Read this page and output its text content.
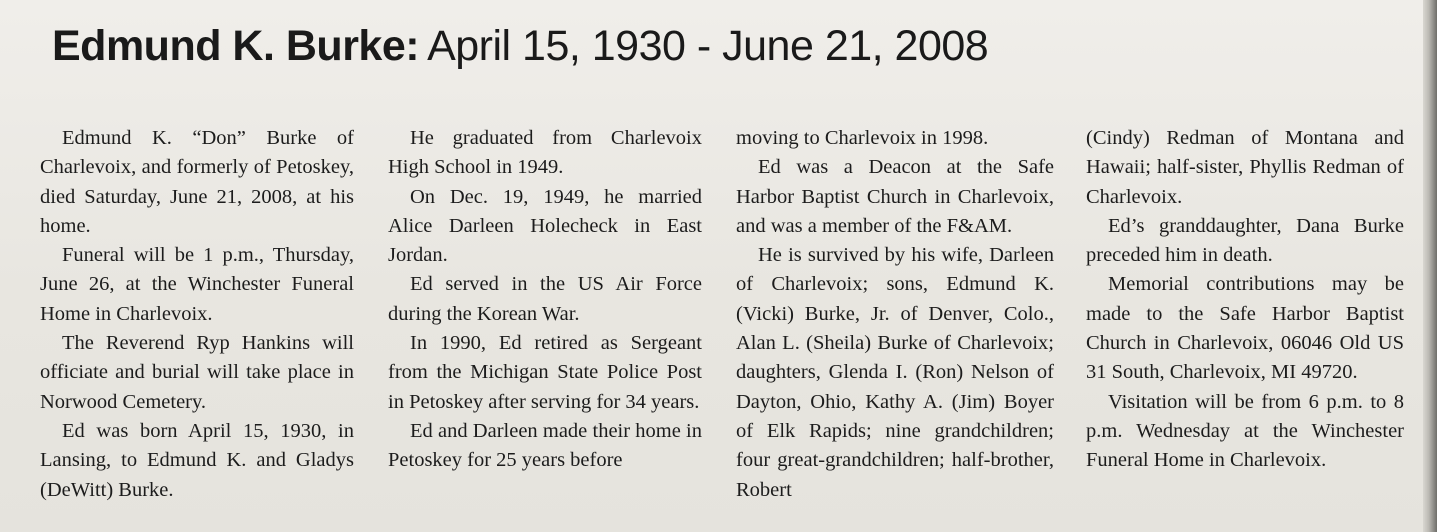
Edmund K. Burke: April 15, 1930 - June 21, 2008

Edmund K. “Don” Burke of Charlevoix, and formerly of Petoskey, died Saturday, June 21, 2008, at his home.

Funeral will be 1 p.m., Thursday, June 26, at the Winchester Funeral Home in Charlevoix.

The Reverend Ryp Hankins will officiate and burial will take place in Norwood Cemetery.

Ed was born April 15, 1930, in Lansing, to Edmund K. and Gladys (DeWitt) Burke.

He graduated from Charlevoix High School in 1949.

On Dec. 19, 1949, he married Alice Darleen Holecheck in East Jordan.

Ed served in the US Air Force during the Korean War.

In 1990, Ed retired as Sergeant from the Michigan State Police Post in Petoskey after serving for 34 years.

Ed and Darleen made their home in Petoskey for 25 years before

moving to Charlevoix in 1998.

Ed was a Deacon at the Safe Harbor Baptist Church in Charlevoix, and was a member of the F&AM.

He is survived by his wife, Darleen of Charlevoix; sons, Edmund K. (Vicki) Burke, Jr. of Denver, Colo., Alan L. (Sheila) Burke of Charlevoix; daughters, Glenda I. (Ron) Nelson of Dayton, Ohio, Kathy A. (Jim) Boyer of Elk Rapids; nine grandchildren; four great-grandchildren; half-brother, Robert

(Cindy) Redman of Montana and Hawaii; half-sister, Phyllis Redman of Charlevoix.

Ed’s granddaughter, Dana Burke preceded him in death.

Memorial contributions may be made to the Safe Harbor Baptist Church in Charlevoix, 06046 Old US 31 South, Charlevoix, MI 49720.

Visitation will be from 6 p.m. to 8 p.m. Wednesday at the Winchester Funeral Home in Charlevoix.
